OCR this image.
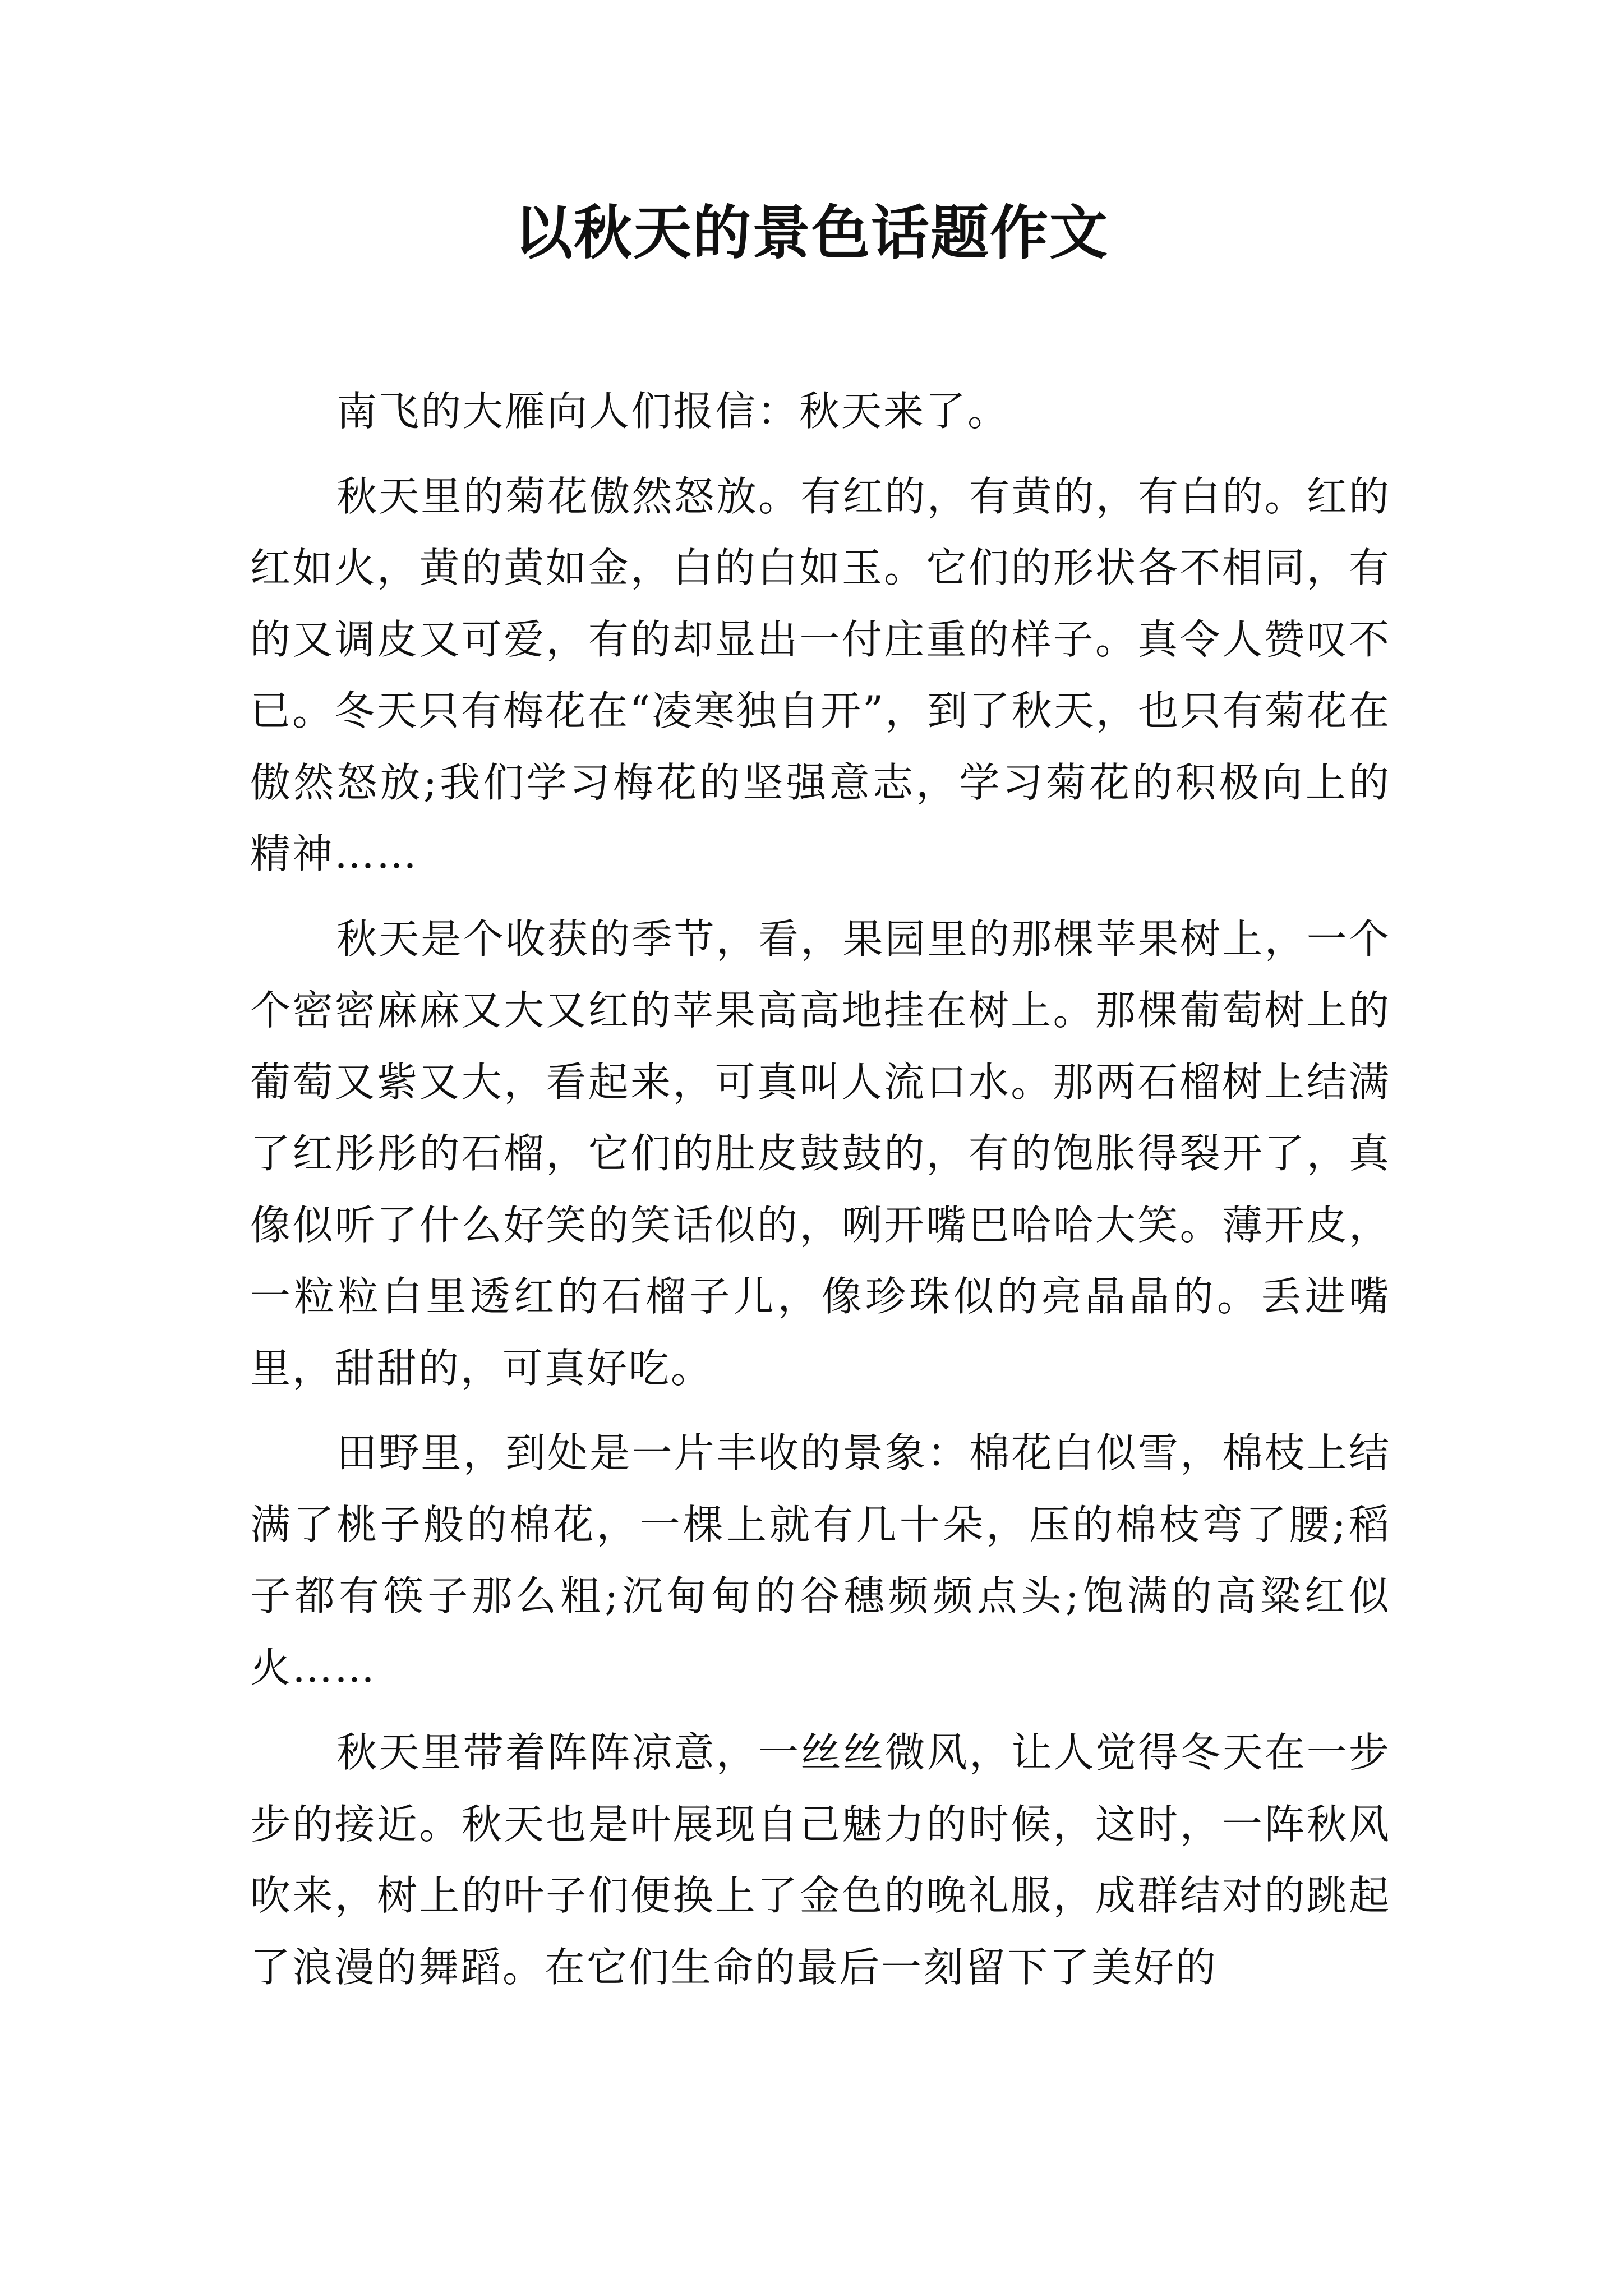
以秋天的景色话题作文

南飞的大雁向人们报信：秋天来了。

秋天里的菊花傲然怒放。有红的，有黄的，有白的。红的红如火，黄的黄如金，白的白如玉。它们的形状各不相同，有的又调皮又可爱，有的却显出一付庄重的样子。真令人赞叹不已。冬天只有梅花在“凌寒独自开”，到了秋天，也只有菊花在傲然怒放;我们学习梅花的坚强意志，学习菊花的积极向上的精神……

秋天是个收获的季节，看，果园里的那棵苹果树上，一个个密密麻麻又大又红的苹果高高地挂在树上。那棵葡萄树上的葡萄又紫又大，看起来，可真叫人流口水。那两石榴树上结满了红彤彤的石榴，它们的肚皮鼓鼓的，有的饱胀得裂开了，真像似听了什么好笑的笑话似的，咧开嘴巴哈哈大笑。薄开皮，一粒粒白里透红的石榴子儿，像珍珠似的亮晶晶的。丢进嘴里，甜甜的，可真好吃。

田野里，到处是一片丰收的景象：棉花白似雪，棉枝上结满了桃子般的棉花，一棵上就有几十朵，压的棉枝弯了腰;稻子都有筷子那么粗;沉甸甸的谷穗频频点头;饱满的高粱红似火……

秋天里带着阵阵凉意，一丝丝微风，让人觉得冬天在一步步的接近。秋天也是叶展现自己魅力的时候，这时，一阵秋风吹来，树上的叶子们便换上了金色的晚礼服，成群结对的跳起了浪漫的舞蹈。在它们生命的最后一刻留下了美好的
